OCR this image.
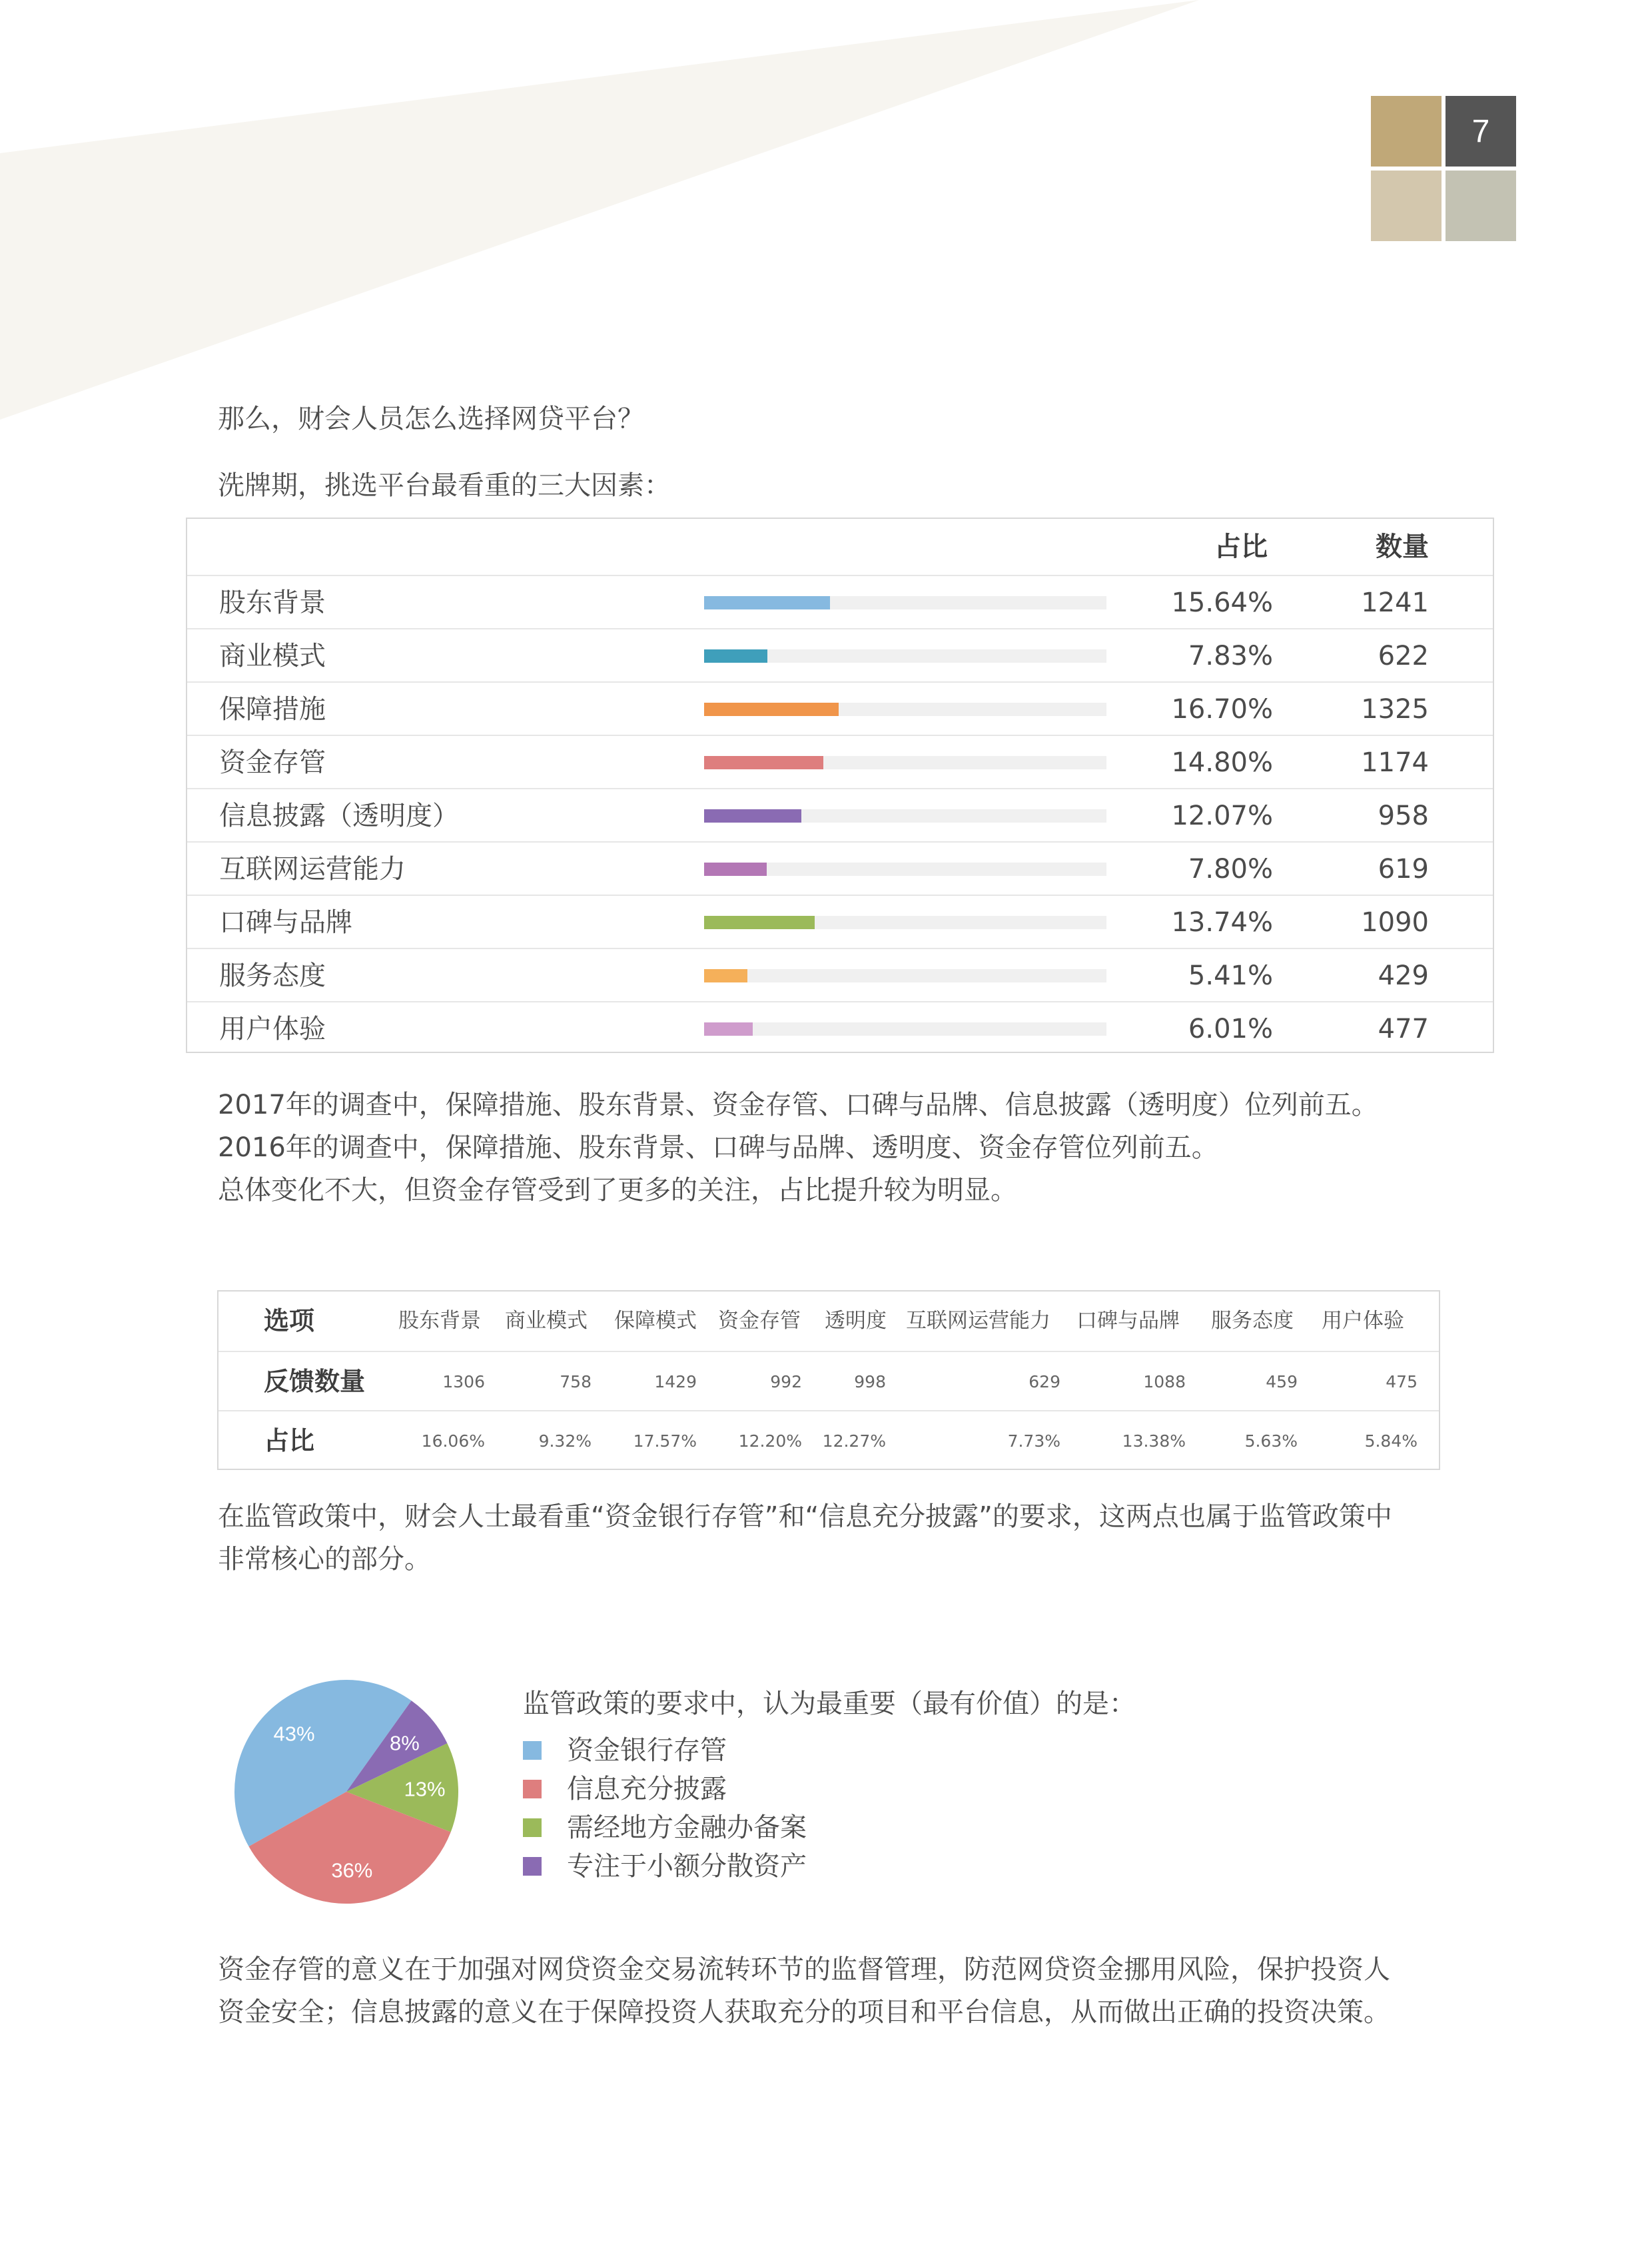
7
那么，财会人员怎么选择网贷平台？
洗牌期，挑选平台最看重的三大因素：
占比	数量
股东背景	15.64%	1241
商业模式	7.83%	622
保障措施	16.70%	1325
资金存管	14.80%	1174
信息披露（透明度）	12.07%	958
互联网运营能力	7.80%	619
口碑与品牌	13.74%	1090
服务态度	5.41%	429
用户体验	6.01%	477
2017年的调查中，保障措施、股东背景、资金存管、口碑与品牌、信息披露（透明度）位列前五。
2016年的调查中，保障措施、股东背景、口碑与品牌、透明度、资金存管位列前五。
总体变化不大，但资金存管受到了更多的关注，占比提升较为明显。
选项	股东背景 商业模式 保障模式 资金存管 透明度 互联网运营能力 口碑与品牌 服务态度 用户体验
反馈数量	1306	758	1429	992	998	629	1088	459	475
占比	16.06%	9.32%	17.57%	12.20% 12.27%	7.73%	13.38%	5.63%	5.84%
在监管政策中，财会人士最看重“资金银行存管”和“信息充分披露”的要求，这两点也属于监管政策中
非常核心的部分。
43%	8%
13%
36%
监管政策的要求中，认为最重要（最有价值）的是：
资金银行存管
信息充分披露
需经地方金融办备案
专注于小额分散资产
资金存管的意义在于加强对网贷资金交易流转环节的监督管理，防范网贷资金挪用风险，保护投资人
资金安全；信息披露的意义在于保障投资人获取充分的项目和平台信息，从而做出正确的投资决策。
